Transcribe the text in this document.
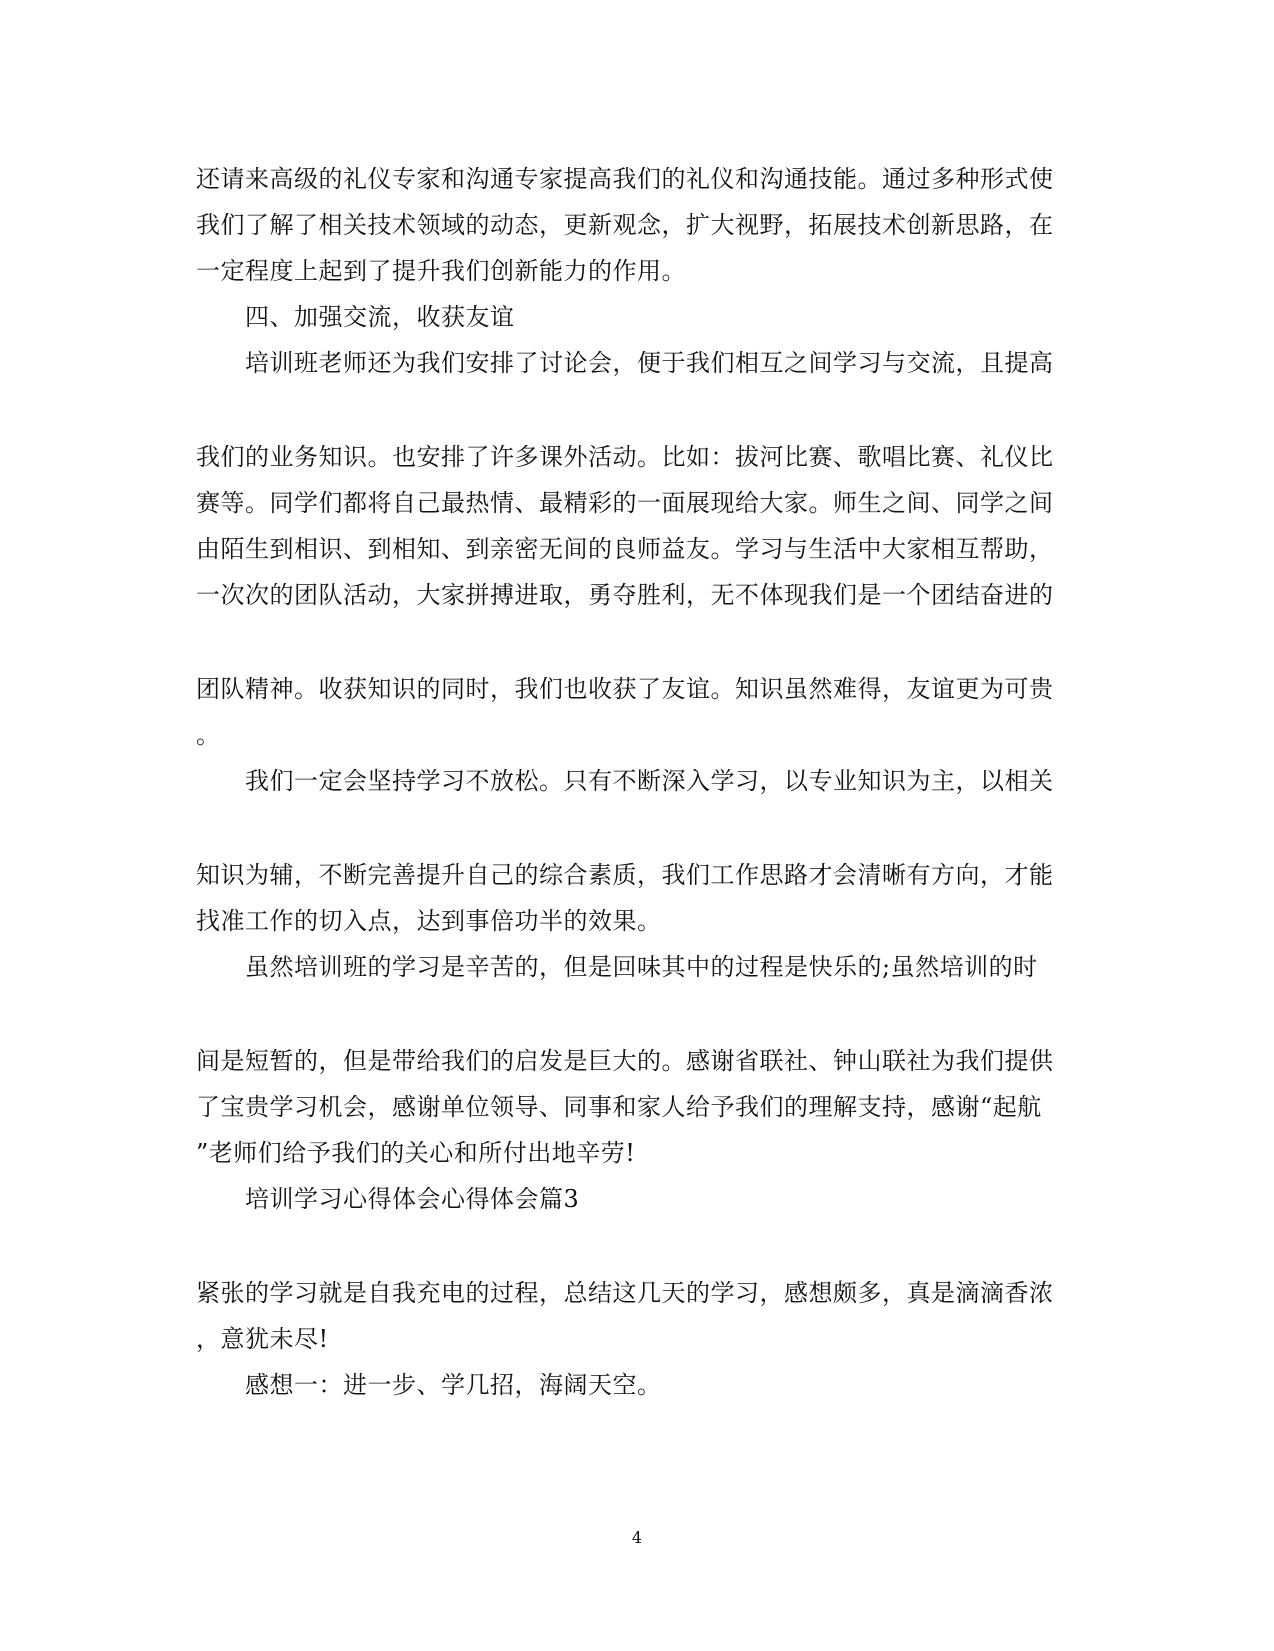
还请来高级的礼仪专家和沟通专家提高我们的礼仪和沟通技能。通过多种形式使
我们了解了相关技术领域的动态，更新观念，扩大视野，拓展技术创新思路，在
一定程度上起到了提升我们创新能力的作用。
四、加强交流，收获友谊
培训班老师还为我们安排了讨论会，便于我们相互之间学习与交流，且提高
我们的业务知识。也安排了许多课外活动。比如：拔河比赛、歌唱比赛、礼仪比
赛等。同学们都将自己最热情、最精彩的一面展现给大家。师生之间、同学之间
由陌生到相识、到相知、到亲密无间的良师益友。学习与生活中大家相互帮助，
一次次的团队活动，大家拼搏进取，勇夺胜利，无不体现我们是一个团结奋进的
团队精神。收获知识的同时，我们也收获了友谊。知识虽然难得，友谊更为可贵
。
我们一定会坚持学习不放松。只有不断深入学习，以专业知识为主，以相关
知识为辅，不断完善提升自己的综合素质，我们工作思路才会清晰有方向，才能
找准工作的切入点，达到事倍功半的效果。
虽然培训班的学习是辛苦的，但是回味其中的过程是快乐的;虽然培训的时
间是短暂的，但是带给我们的启发是巨大的。感谢省联社、钟山联社为我们提供
了宝贵学习机会，感谢单位领导、同事和家人给予我们的理解支持，感谢“起航
”老师们给予我们的关心和所付出地辛劳!
培训学习心得体会心得体会篇3
紧张的学习就是自我充电的过程，总结这几天的学习，感想颇多，真是滴滴香浓
，意犹未尽!
感想一：进一步、学几招，海阔天空。
4
